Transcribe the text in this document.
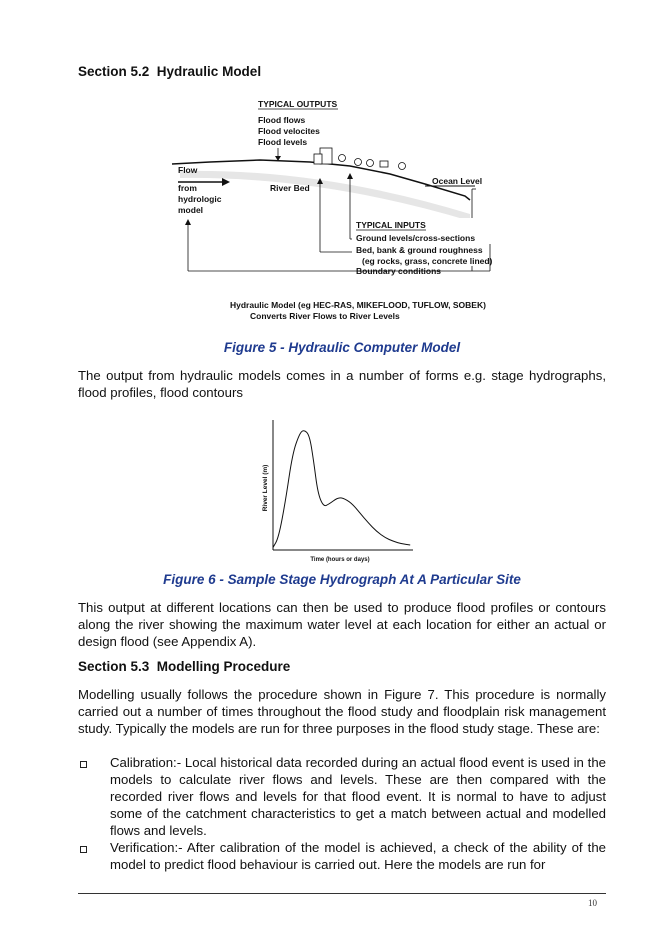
Section 5.2 Hydraulic Model
TYPICAL OUTPUTS
Flood flows
Flood velocites
Flood levels
Ocean Level
Flow
from
hydrologic
model
River Bed
TYPICAL INPUTS
Ground levels/cross-sections
Bed, bank & ground roughness
(eg rocks, grass, concrete lined)
Boundary conditions
Hydraulic Model (eg HEC-RAS, MIKEFLOOD, TUFLOW, SOBEK)
Converts River Flows to River Levels
Figure 5 - Hydraulic Computer Model
The output from hydraulic models comes in a number of forms e.g. stage hydrographs, flood profiles, flood contours
River Level (m)
Time (hours or days)
Figure 6 - Sample Stage Hydrograph At A Particular Site
This output at different locations can then be used to produce flood profiles or contours along the river showing the maximum water level at each location for either an actual or design flood (see Appendix A).
Section 5.3 Modelling Procedure
Modelling usually follows the procedure shown in Figure 7. This procedure is normally carried out a number of times throughout the flood study and floodplain risk management study. Typically the models are run for three purposes in the flood study stage. These are:
Calibration:- Local historical data recorded during an actual flood event is used in the models to calculate river flows and levels. These are then compared with the recorded river flows and levels for that flood event. It is normal to have to adjust some of the catchment characteristics to get a match between actual and modelled flows and levels.
Verification:- After calibration of the model is achieved, a check of the ability of the model to predict flood behaviour is carried out. Here the models are run for
10
